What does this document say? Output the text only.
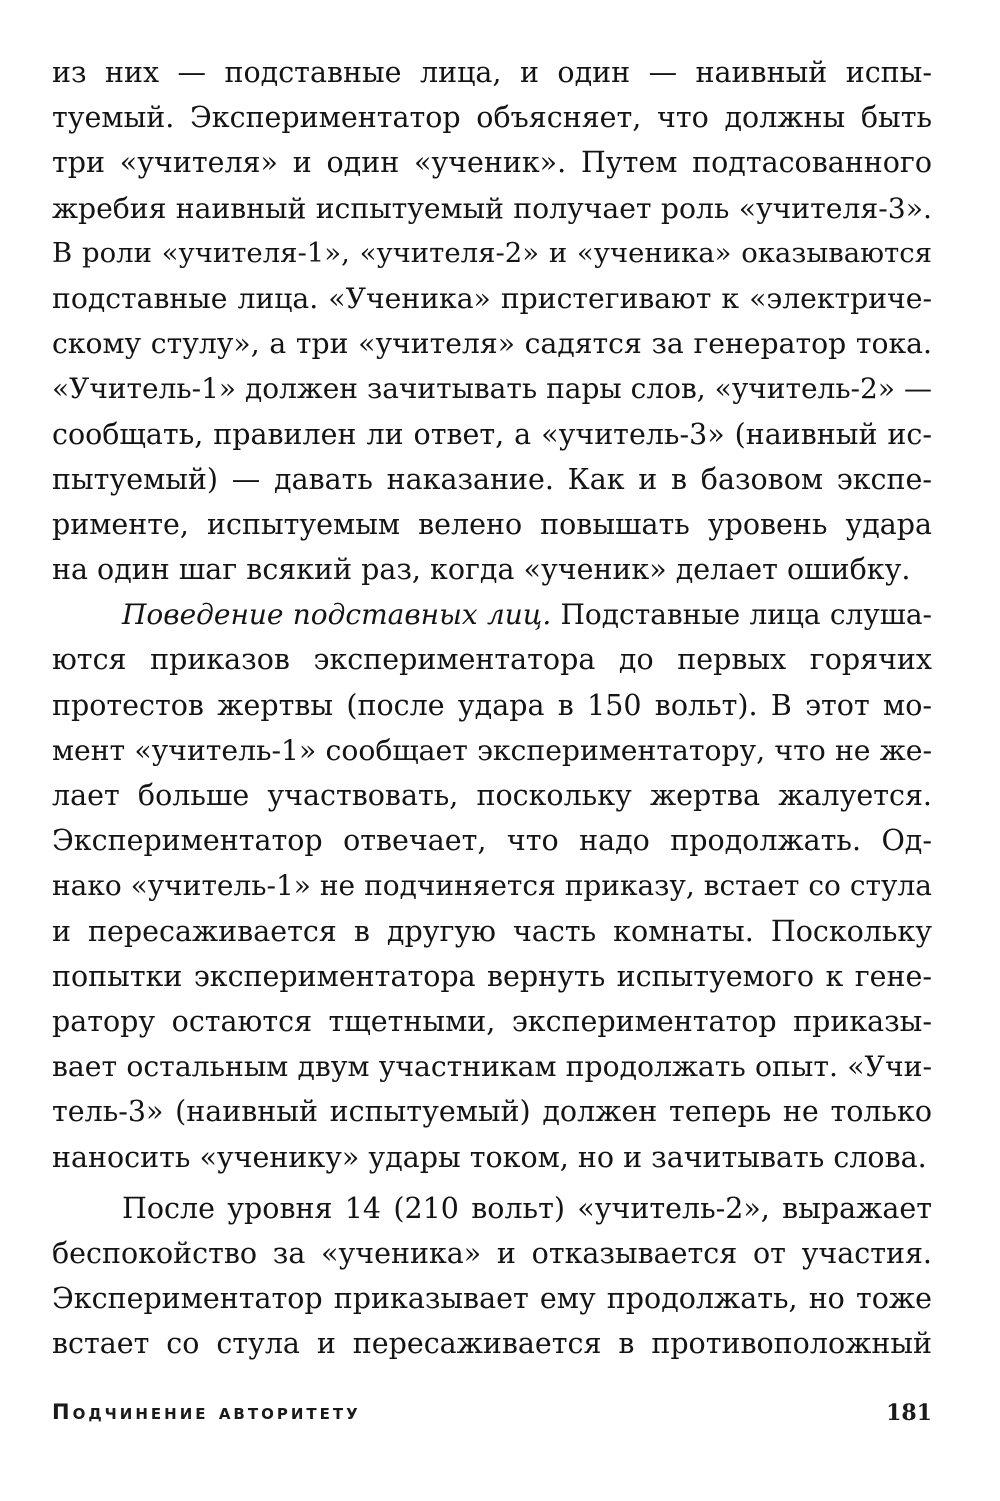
из них — подставные лица, и один — наивный испы-
туемый. Экспериментатор объясняет, что должны быть
три «учителя» и один «ученик». Путем подтасованного
жребия наивный испытуемый получает роль «учителя-3».
В роли «учителя-1», «учителя-2» и «ученика» оказываются
подставные лица. «Ученика» пристегивают к «электриче-
скому стулу», а три «учителя» садятся за генератор тока.
«Учитель-1» должен зачитывать пары слов, «учитель-2» —
сообщать, правилен ли ответ, а «учитель-3» (наивный ис-
пытуемый) — давать наказание. Как и в базовом экспе-
рименте, испытуемым велено повышать уровень удара
на один шаг всякий раз, когда «ученик» делает ошибку.
Поведение подставных лиц. Подставные лица слуша-
ются приказов экспериментатора до первых горячих
протестов жертвы (после удара в 150 вольт). В этот мо-
мент «учитель-1» сообщает экспериментатору, что не же-
лает больше участвовать, поскольку жертва жалуется.
Экспериментатор отвечает, что надо продолжать. Од-
нако «учитель-1» не подчиняется приказу, встает со стула
и пересаживается в другую часть комнаты. Поскольку
попытки экспериментатора вернуть испытуемого к гене-
ратору остаются тщетными, экспериментатор приказы-
вает остальным двум участникам продолжать опыт. «Учи-
тель-3» (наивный испытуемый) должен теперь не только
наносить «ученику» удары током, но и зачитывать слова.
После уровня 14 (210 вольт) «учитель-2», выражает
беспокойство за «ученика» и отказывается от участия.
Экспериментатор приказывает ему продолжать, но тоже
встает со стула и пересаживается в противоположный
Подчинение авторитету	181
